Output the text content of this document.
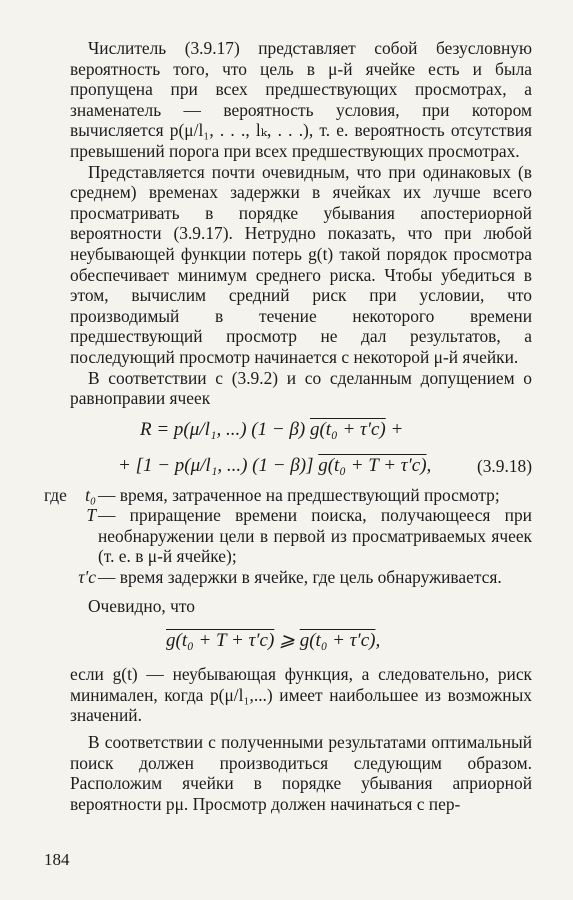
Числитель (3.9.17) представляет собой безусловную вероятность того, что цель в μ-й ячейке есть и была пропущена при всех предшествующих просмотрах, а знаменатель — вероятность условия, при котором вычисляется p(μ/l₁, . . ., lₖ, . . .), т. е. вероятность отсутствия превышений порога при всех предшествующих просмотрах.

Представляется почти очевидным, что при одинаковых (в среднем) временах задержки в ячейках их лучше всего просматривать в порядке убывания апостериорной вероятности (3.9.17). Нетрудно показать, что при любой неубывающей функции потерь g(t) такой порядок просмотра обеспечивает минимум среднего риска. Чтобы убедиться в этом, вычислим средний риск при условии, что производимый в течение некоторого времени предшествующий просмотр не дал результатов, а последующий просмотр начинается с некоторой μ-й ячейки.

В соответствии с (3.9.2) и со сделанным допущением о равноправии ячеек

R = p(μ/l₁, ...) (1 − β) g(t₀ + τ′c) +
+ [1 − p(μ/l₁, ...) (1 − β)] g(t₀ + T + τ′c),	(3.9.18)
где	t₀ — время, затраченное на предшествующий просмотр;
T — приращение времени поиска, получающееся при необнаружении цели в первой из просматриваемых ячеек (т. е. в μ-й ячейке);
τ′c — время задержки в ячейке, где цель обнаруживается.

Очевидно, что

g(t₀ + T + τ′c) ⩾ g(t₀ + τ′c),

если g(t) — неубывающая функция, а следовательно, риск минимален, когда p(μ/l₁,...) имеет наибольшее из возможных значений.

В соответствии с полученными результатами оптимальный поиск должен производиться следующим образом. Расположим ячейки в порядке убывания априорной вероятности pμ. Просмотр должен начинаться с пер-

184
